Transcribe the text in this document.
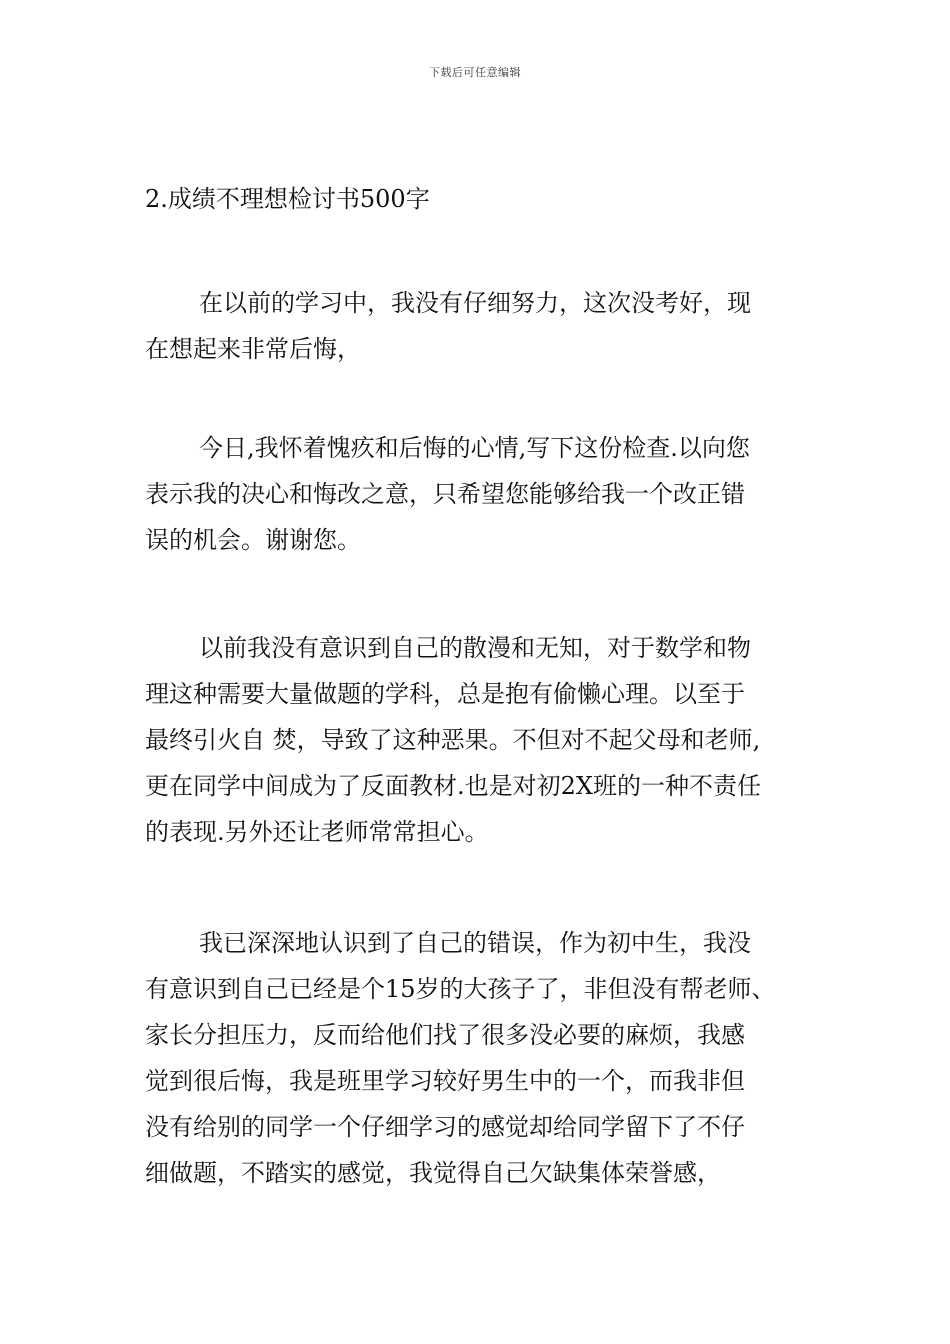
下载后可任意编辑
2.成绩不理想检讨书500字
在以前的学习中，我没有仔细努力，这次没考好，现
在想起来非常后悔，
今日,我怀着愧疚和后悔的心情,写下这份检查.以向您
表示我的决心和悔改之意，只希望您能够给我一个改正错
误的机会。谢谢您。
以前我没有意识到自己的散漫和无知，对于数学和物
理这种需要大量做题的学科，总是抱有偷懒心理。以至于
最终引火自 焚，导致了这种恶果。不但对不起父母和老师,
更在同学中间成为了反面教材.也是对初2X班的一种不责任
的表现.另外还让老师常常担心。
我已深深地认识到了自己的错误，作为初中生，我没
有意识到自己已经是个15岁的大孩子了，非但没有帮老师、
家长分担压力，反而给他们找了很多没必要的麻烦，我感
觉到很后悔，我是班里学习较好男生中的一个，而我非但
没有给别的同学一个仔细学习的感觉却给同学留下了不仔
细做题，不踏实的感觉，我觉得自己欠缺集体荣誉感，
